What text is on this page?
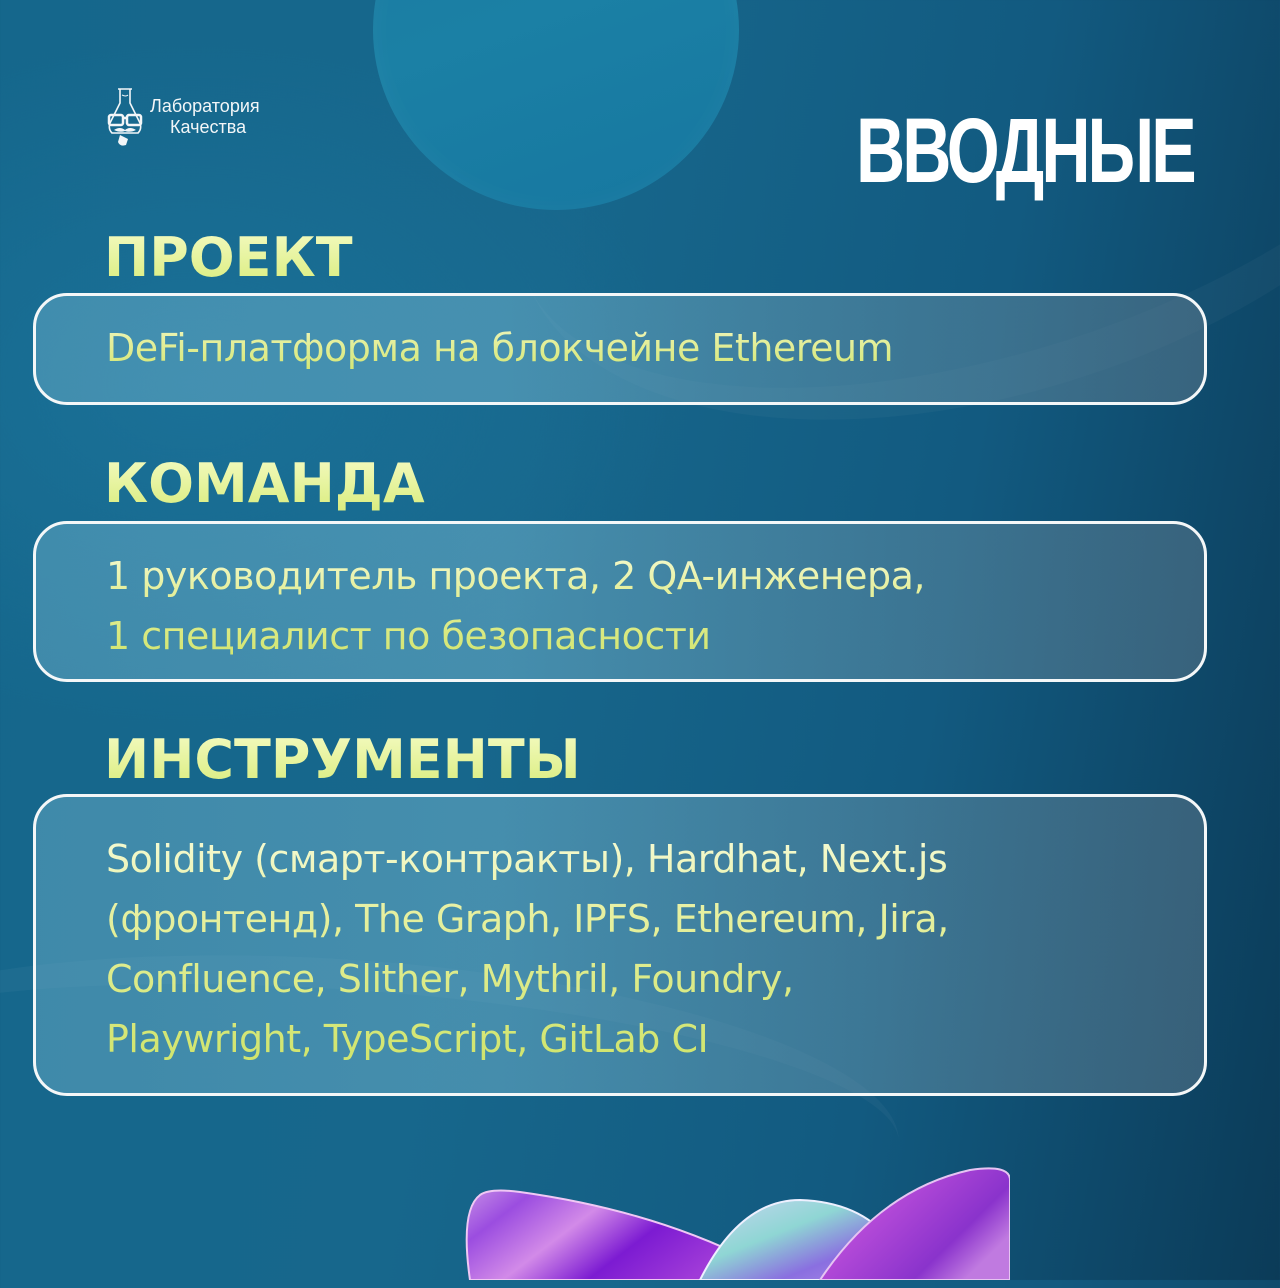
Лаборатория
Качества	ВВОДНЫЕ
ПРОЕКТ
DeFi-платформа на блокчейне Ethereum
КОМАНДА
1 руководитель проекта, 2 QA-инженера,
1 специалист по безопасности
ИНСТРУМЕНТЫ
Solidity (смарт-контракты), Hardhat, Next.js
(фронтенд), The Graph, IPFS, Ethereum, Jira,
Confluence, Slither, Mythril, Foundry,
Playwright, TypeScript, GitLab CI
